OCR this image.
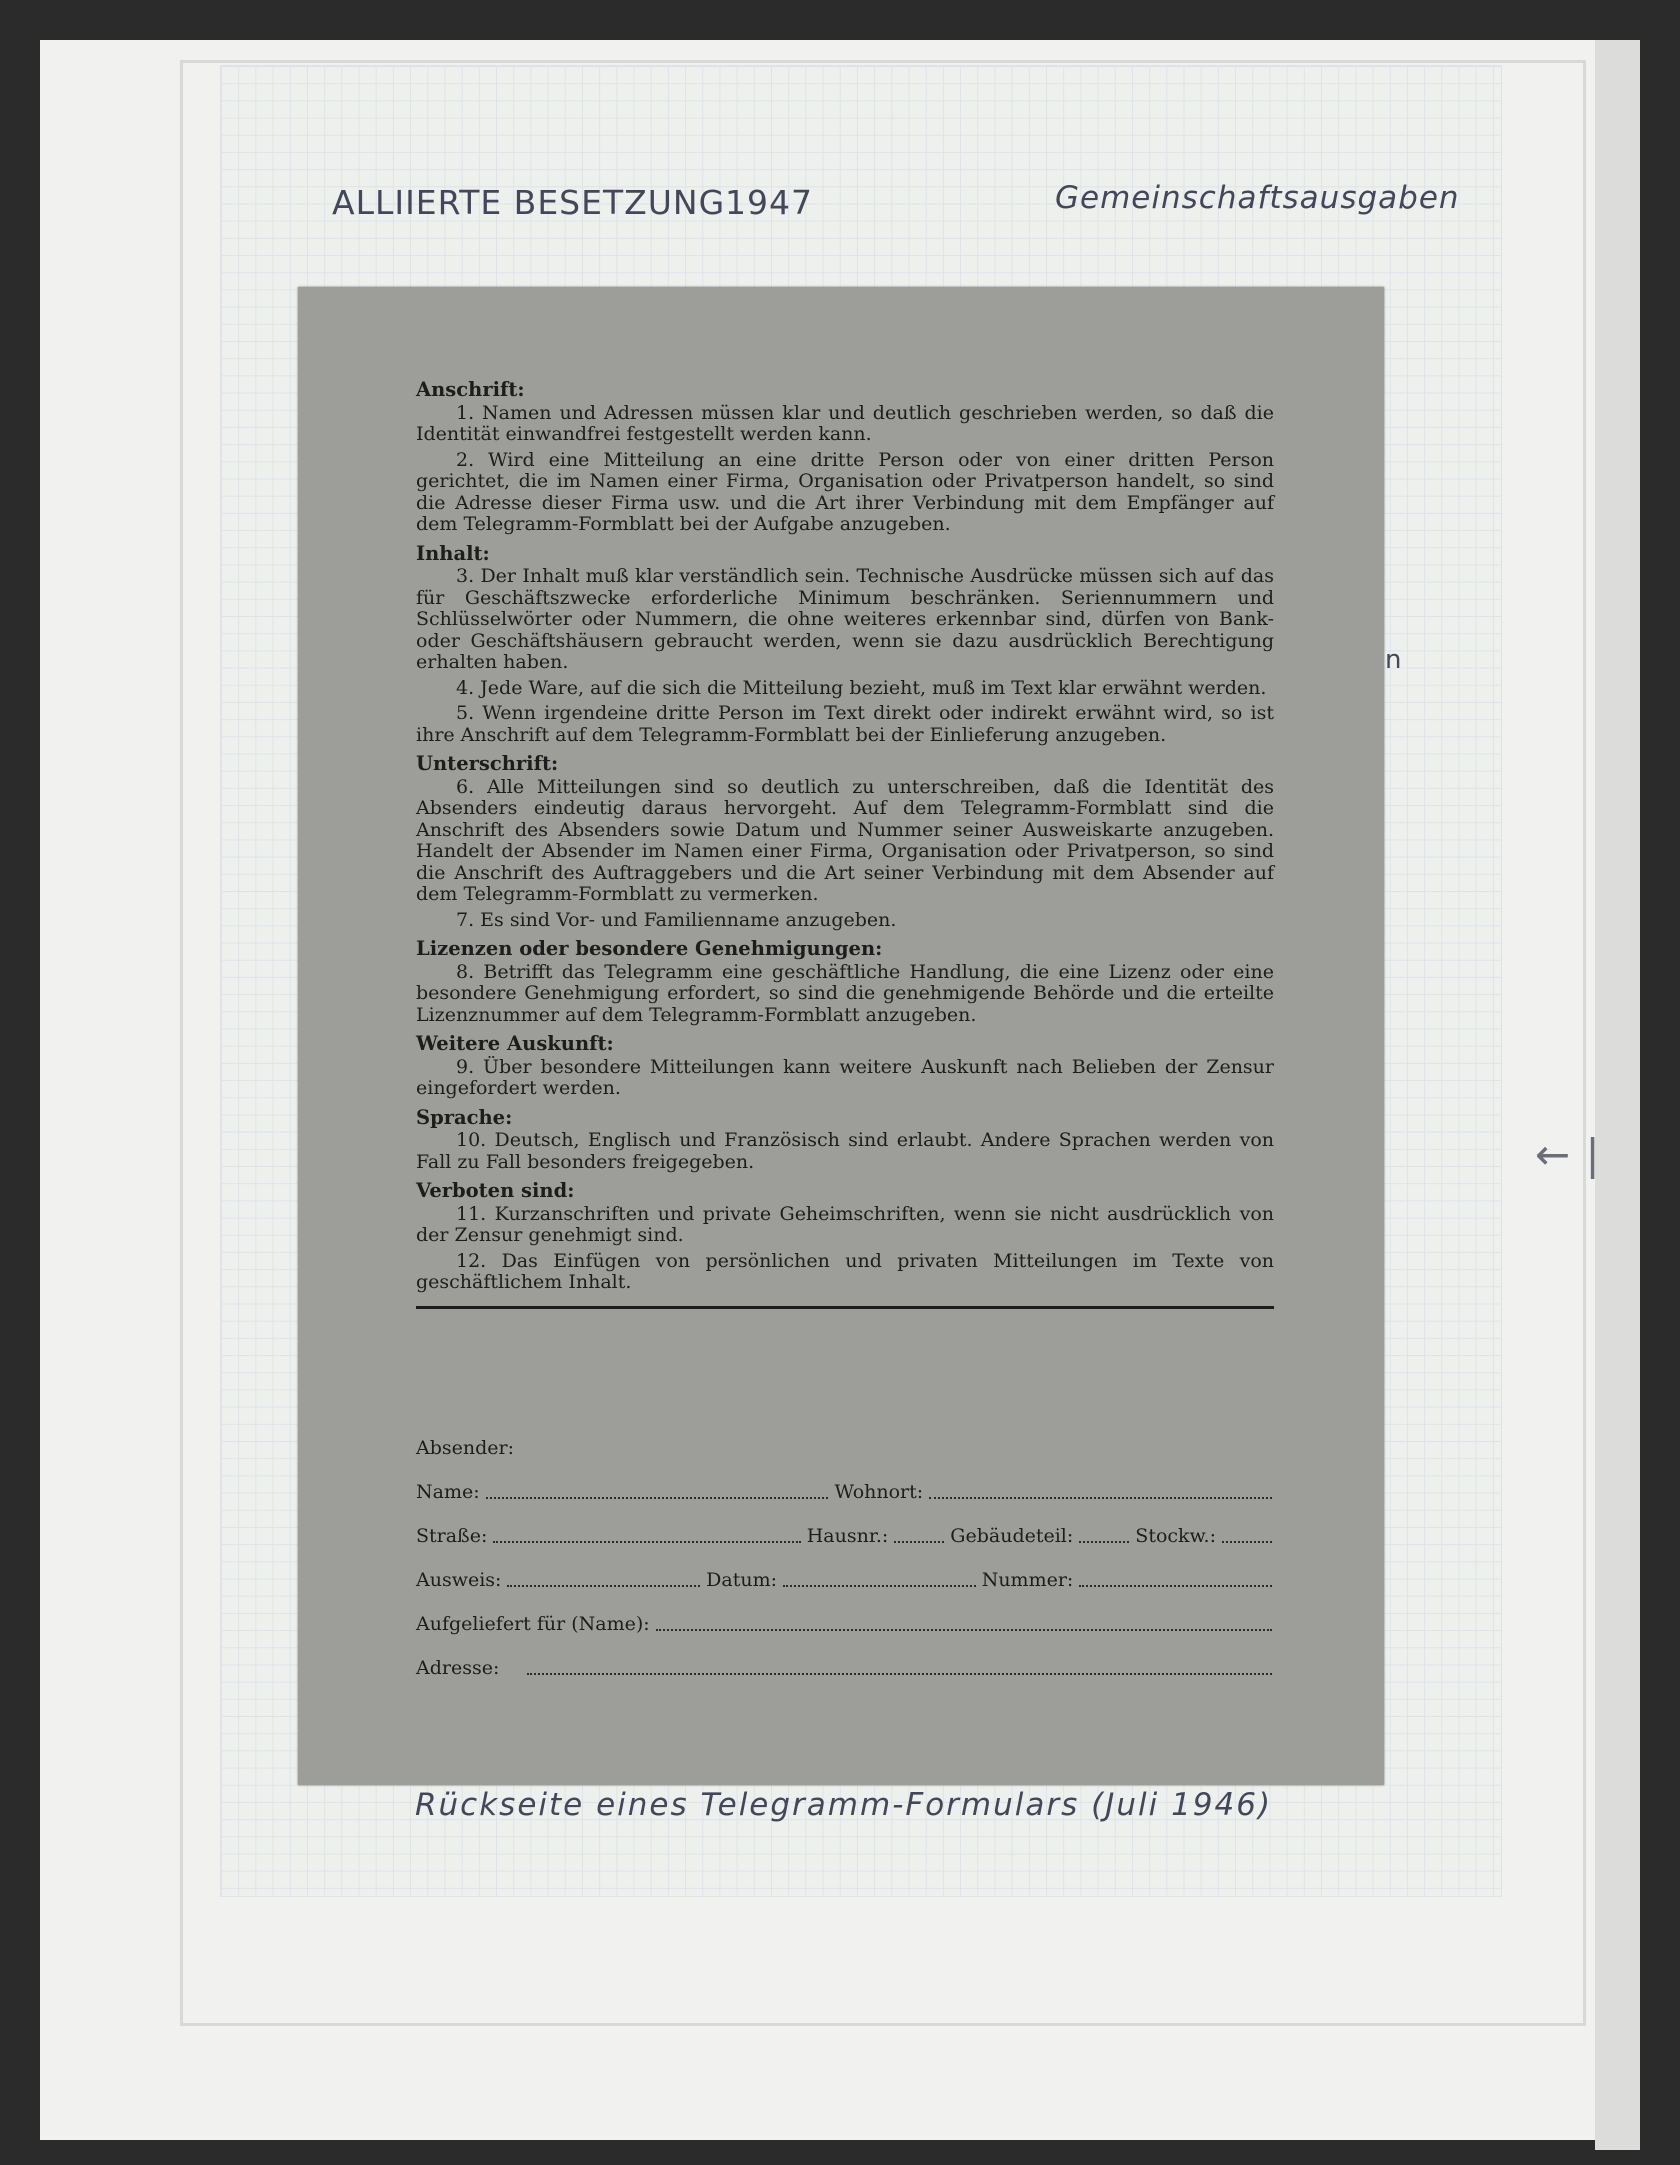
ALLIIERTE BESETZUNG 1947	Gemeinschaftsausgaben
n
← |
Anschrift:
1. Namen und Adressen müssen klar und deutlich geschrieben werden, so daß die Identität einwandfrei festgestellt werden kann.
2. Wird eine Mitteilung an eine dritte Person oder von einer dritten Person gerichtet, die im Namen einer Firma, Organisation oder Privatperson handelt, so sind die Adresse dieser Firma usw. und die Art ihrer Verbindung mit dem Empfänger auf dem Telegramm-Formblatt bei der Aufgabe anzugeben.
Inhalt:
3. Der Inhalt muß klar verständlich sein. Technische Ausdrücke müssen sich auf das für Geschäftszwecke erforderliche Minimum beschränken. Seriennummern und Schlüsselwörter oder Nummern, die ohne weiteres erkennbar sind, dürfen von Bank- oder Geschäftshäusern gebraucht werden, wenn sie dazu ausdrücklich Berechtigung erhalten haben.
4. Jede Ware, auf die sich die Mitteilung bezieht, muß im Text klar erwähnt werden.
5. Wenn irgendeine dritte Person im Text direkt oder indirekt erwähnt wird, so ist ihre Anschrift auf dem Telegramm-Formblatt bei der Einlieferung anzugeben.
Unterschrift:
6. Alle Mitteilungen sind so deutlich zu unterschreiben, daß die Identität des Absenders eindeutig daraus hervorgeht. Auf dem Telegramm-Formblatt sind die Anschrift des Absenders sowie Datum und Nummer seiner Ausweiskarte anzugeben. Handelt der Absender im Namen einer Firma, Organisation oder Privatperson, so sind die Anschrift des Auftraggebers und die Art seiner Verbindung mit dem Absender auf dem Telegramm-Formblatt zu vermerken.
7. Es sind Vor- und Familienname anzugeben.
Lizenzen oder besondere Genehmigungen:
8. Betrifft das Telegramm eine geschäftliche Handlung, die eine Lizenz oder eine besondere Genehmigung erfordert, so sind die genehmigende Behörde und die erteilte Lizenznummer auf dem Telegramm-Formblatt anzugeben.
Weitere Auskunft:
9. Über besondere Mitteilungen kann weitere Auskunft nach Belieben der Zensur eingefordert werden.
Sprache:
10. Deutsch, Englisch und Französisch sind erlaubt. Andere Sprachen werden von Fall zu Fall besonders freigegeben.
Verboten sind:
11. Kurzanschriften und private Geheimschriften, wenn sie nicht ausdrücklich von der Zensur genehmigt sind.
12. Das Einfügen von persönlichen und privaten Mitteilungen im Texte von geschäftlichem Inhalt.
Absender:
Name:	Wohnort:
Straße:	Hausnr.:	Gebäudeteil:	Stockw.:
Ausweis:	Datum:	Nummer:
Aufgeliefert für (Name):
Adresse:
Rückseite eines Telegramm-Formulars (Juli 1946)
